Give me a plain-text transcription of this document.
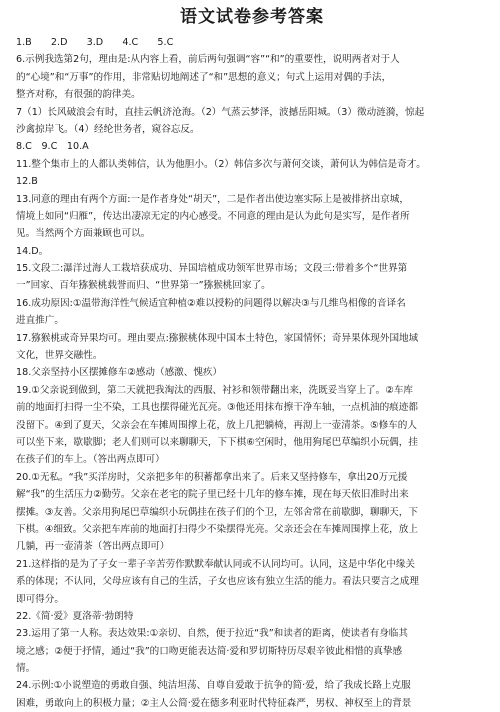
语文试卷参考答案
1.B　　2.D　　3.D　　4.C　　5.C
6.示例我选第2句，理由是:从内容上看，前后两句强调“容”“和”的重要性，说明两者对于人
的“心境”和“万事”的作用，非常贴切地阐述了“和”思想的意义；句式上运用对偶的手法，
整齐对称，有很强的韵律美。
7（1）长风破浪会有时，直挂云帆济沧海。（2）气蒸云梦泽，波撼岳阳城。（3）徵动涟漪，惊起
沙禽掠岸飞。（4）经纶世务者，窥谷忘反。
8.C　9.C　10.A
11.整个集市上的人都认类韩信，认为他胆小。（2）韩信多次与萧何交谈，萧何认为韩信是奇才。
12.B
13.同意的理由有两个方面:一是作者身处“胡天”，二是作者出使边塞实际上是被排挤出京城，
情境上如同“归雁”，传达出凄凉无定的内心感受。不同意的理由是认为此句是实写，是作者所
见。当然两个方面兼顾也可以。
14.D。
15.文段二:瀑洋过海人工栽培获成功、异国培植成功领军世界市场；文段三:带着多个“世界第
一”回家、百年猕猴桃载誉而归、“世界第一”猕猴桃回家了。
16.成功原因:①温带海洋性气候适宜种植②难以授粉的问题得以解决③与几维鸟相像的音译名
进直推广。
17.猕猴桃或奇异果均可。理由要点:猕猴桃体现中国本土特色，家国情怀；奇异果体现外国地域
文化，世界交融性。
18.父亲坚持小区摆摊修车②感动（感激、愧疚）
19.①父亲说到做到，第二天就把我淘汰的西服、衬衫和领带翻出来，洗既妥当穿上了。②车库
前的地面打扫得一尘不染，工具也摆得碰光瓦亮。③他还用抹布擦干净车轴，一点机油的痕迹都
没留下。④到了夏天，父亲会在车摊周围撑上花，放上几把躺椅，再沏上一壶清茶。⑤修车的人
可以坐下来，歇歇脚；老人们则可以来聊聊天，下下棋⑥空闲时，他用狗尾巴草编织小玩偶，挂
在孩子们的车上。（答出两点即可）
20.①无私。“我”买洋房时，父亲把多年的积蓄都拿出来了。后来又坚持修车，拿出20万元援
解“我”的生活压力②勤劳。父亲在老宅的院子里已经十几年的修车摊，现在每天依旧准时出来
摆摊。③友善。父亲用狗尾巴草编织小玩偶挂在孩子们的个卫，左邻舍常在前歇脚，聊聊天，下
下棋。④细致。父亲把车库前的地面打扫得少不染摆得光亮。父亲还会在车摊周围撑上花，放上
几躺，再一壶清茶（答出两点即可）
21.这样指的是为了子女一辈子辛苦劳作默默奉献认同或不认同均可。认同，这是中华化中缘关
系的体现；不认同，父母应该有自己的生活，子女也应该有独立生活的能力。看法只要言之成理
即可得分。
22.《简·爱》夏洛蒂·勃朗特
23.运用了第一人称。表达效果:①亲切、自然，便于拉近“我”和读者的距离，使读者有身临其
境之感；②便于抒情，通过“我”的口吻更能表达简·爱和罗切斯特历尽艰辛彼此相惜的真挚感
情。
24.示例:①小说塑造的勇敢自强、纯洁坦荡、自尊自爱敢于抗争的简·爱，给了我成长路上克服
困难，勇敢向上的积极力量；②主人公简·爱在德多利亚时代特征森严，男权、神权至上的背景
